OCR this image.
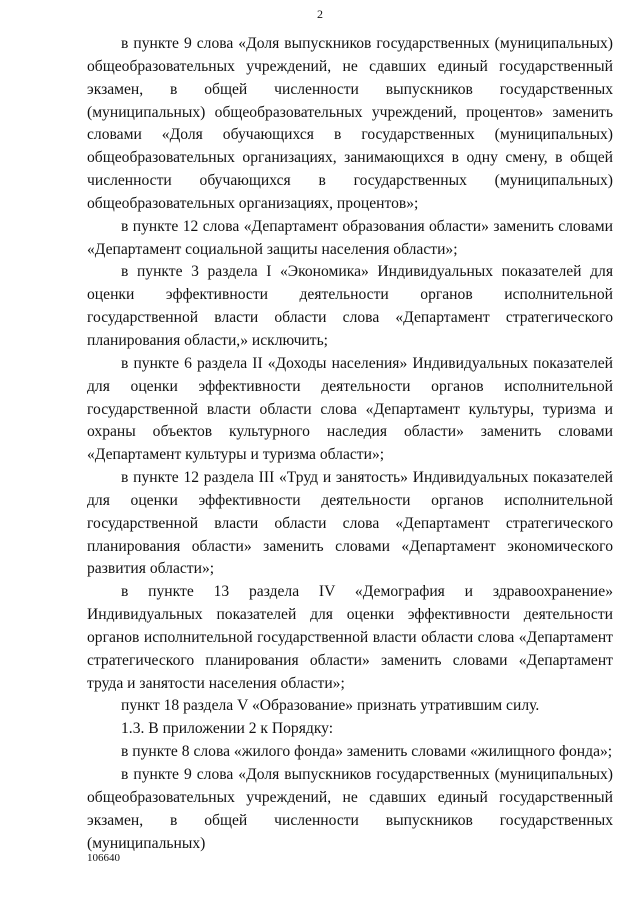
2

в пункте 9 слова «Доля выпускников государственных (муниципальных) общеобразовательных учреждений, не сдавших единый государственный экзамен, в общей численности выпускников государственных (муниципальных) общеобразовательных учреждений, процентов» заменить словами «Доля обучающихся в государственных (муниципальных) общеобразовательных организациях, занимающихся в одну смену, в общей численности обучающихся в государственных (муниципальных) общеобразовательных организациях, процентов»;

в пункте 12 слова «Департамент образования области» заменить словами «Департамент социальной защиты населения области»;

в пункте 3 раздела I «Экономика» Индивидуальных показателей для оценки эффективности деятельности органов исполнительной государственной власти области слова «Департамент стратегического планирования области,» исключить;

в пункте 6 раздела II «Доходы населения» Индивидуальных показателей для оценки эффективности деятельности органов исполнительной государственной власти области слова «Департамент культуры, туризма и охраны объектов культурного наследия области» заменить словами «Департамент культуры и туризма области»;

в пункте 12 раздела III «Труд и занятость» Индивидуальных показателей для оценки эффективности деятельности органов исполнительной государственной власти области слова «Департамент стратегического планирования области» заменить словами «Департамент экономического развития области»;

в пункте 13 раздела IV «Демография и здравоохранение» Индивидуальных показателей для оценки эффективности деятельности органов исполнительной государственной власти области слова «Департамент стратегического планирования области» заменить словами «Департамент труда и занятости населения области»;

пункт 18 раздела V «Образование» признать утратившим силу.

1.3. В приложении 2 к Порядку:

в пункте 8 слова «жилого фонда» заменить словами «жилищного фонда»;

в пункте 9 слова «Доля выпускников государственных (муниципальных) общеобразовательных учреждений, не сдавших единый государственный экзамен, в общей численности выпускников государственных (муниципальных)

106640
